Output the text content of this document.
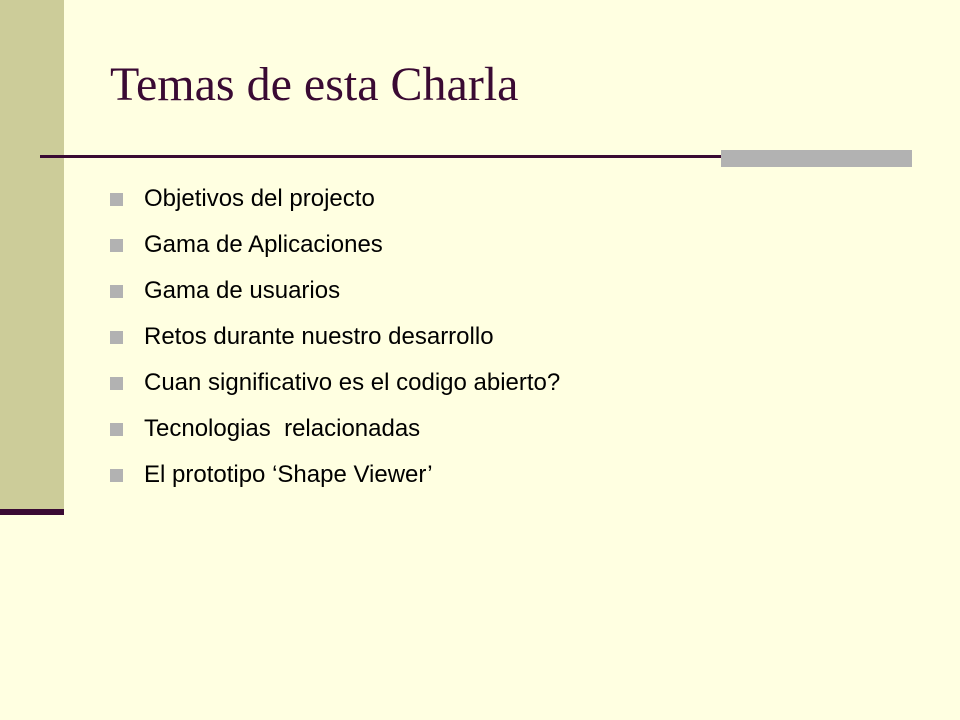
Temas de esta Charla
Objetivos del projecto
Gama de Aplicaciones
Gama de usuarios
Retos durante nuestro desarrollo
Cuan significativo es el codigo abierto?
Tecnologias  relacionadas
El prototipo ‘Shape Viewer’
